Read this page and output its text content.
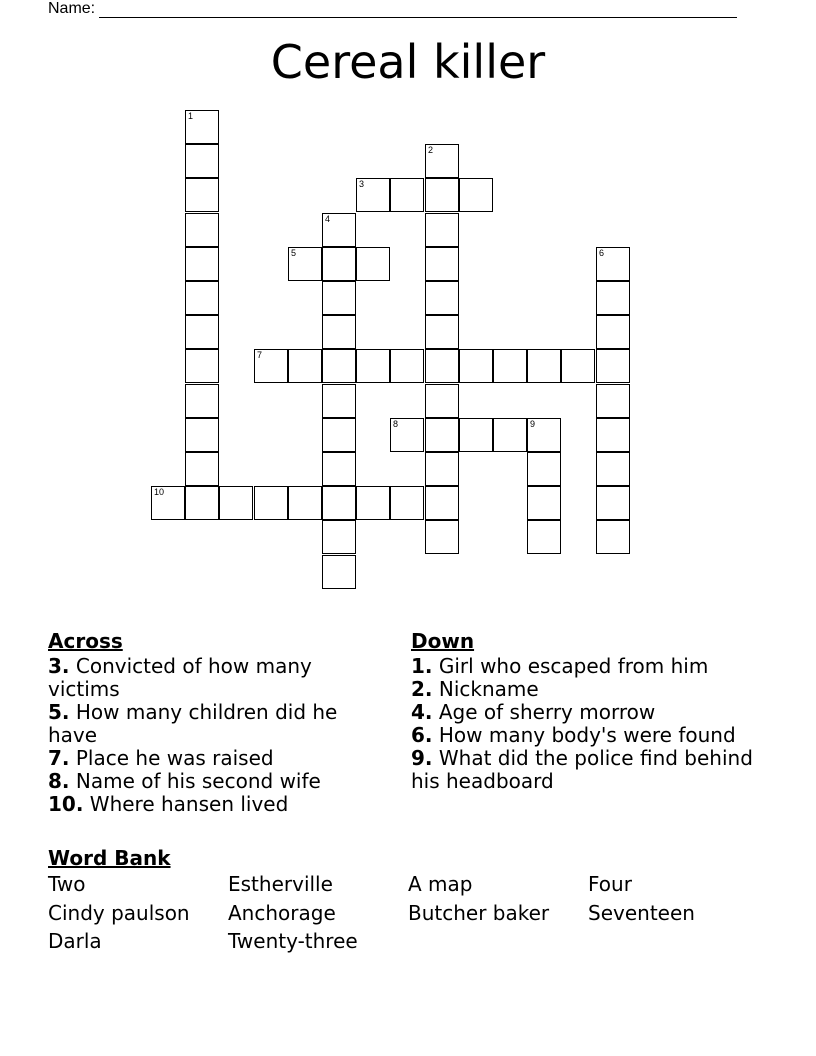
Name:
Cereal killer
1
2
3
4
5	6
7
8	9
10
Across
3. Convicted of how many victims
5. How many children did he have
7. Place he was raised
8. Name of his second wife
10. Where hansen lived
Down
1. Girl who escaped from him
2. Nickname
4. Age of sherry morrow
6. How many body's were found
9. What did the police find behind his headboard
Word Bank
Two	Estherville	A map	Four
Cindy paulson	Anchorage	Butcher baker	Seventeen
Darla	Twenty-three
